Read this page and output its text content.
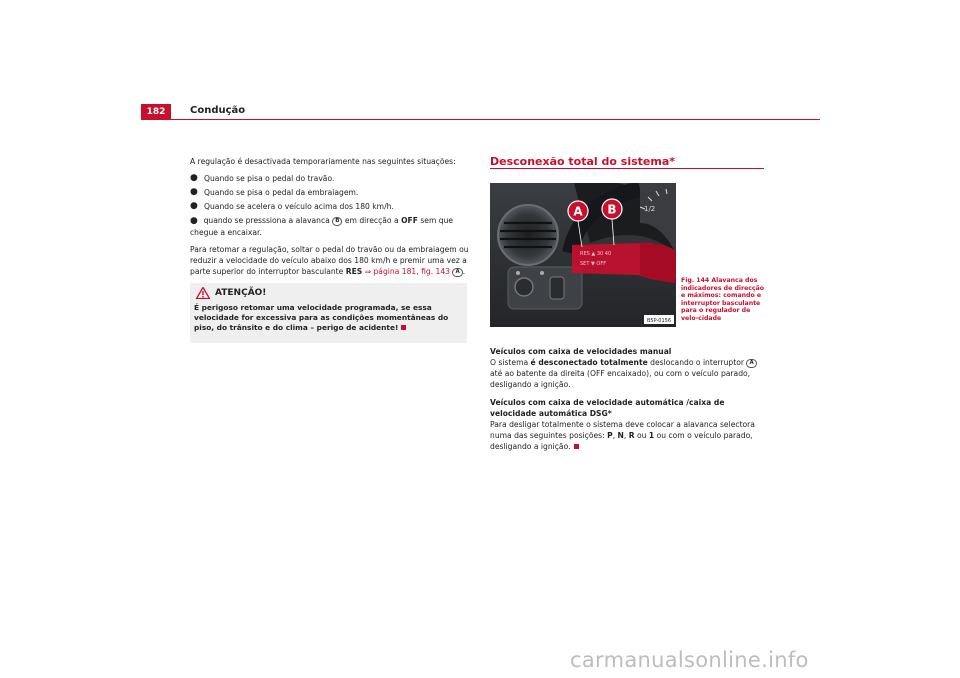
182	Condução

A regulação é desactivada temporariamente nas seguintes situações:

● Quando se pisa o pedal do travão.
● Quando se pisa o pedal da embraiagem.
● Quando se acelera o veículo acima dos 180 km/h.

●  quando se presssiona a alavanca B em direcção a OFF sem que chegue a encaixar.

Para retomar a regulação, soltar o pedal do travão ou da embraiagem ou reduzir a velocidade do veículo abaixo dos 180 km/h e premir uma vez a parte superior do interruptor basculante RES ⇒ página 181, fig. 143 A .

ATENÇÃO!
É perigoso retomar uma velocidade programada, se essa velocidade for excessiva para as condições momentâneas do piso, do trânsito e do clima – perigo de acidente!
Desconexão total do sistema*
1/2
RES ▲ 30 40
SET ▼ OFF
A B
B5P-0156
Fig. 144 Alavanca dos indicadores de direcção e máximos: comando e interruptor basculante para o regulador de velo-cidade

Veículos com caixa de velocidades manual
O sistema é desconectado totalmente deslocando o interruptor A até ao batente da direita (OFF encaixado), ou com o veículo parado, desligando a ignição.

Veículos com caixa de velocidade automática /caixa de velocidade automática DSG*
Para desligar totalmente o sistema deve colocar a alavanca selectora numa das seguintes posições: P, N, R ou 1 ou com o veículo parado, desligando a ignição.

carmanualsonline.info
